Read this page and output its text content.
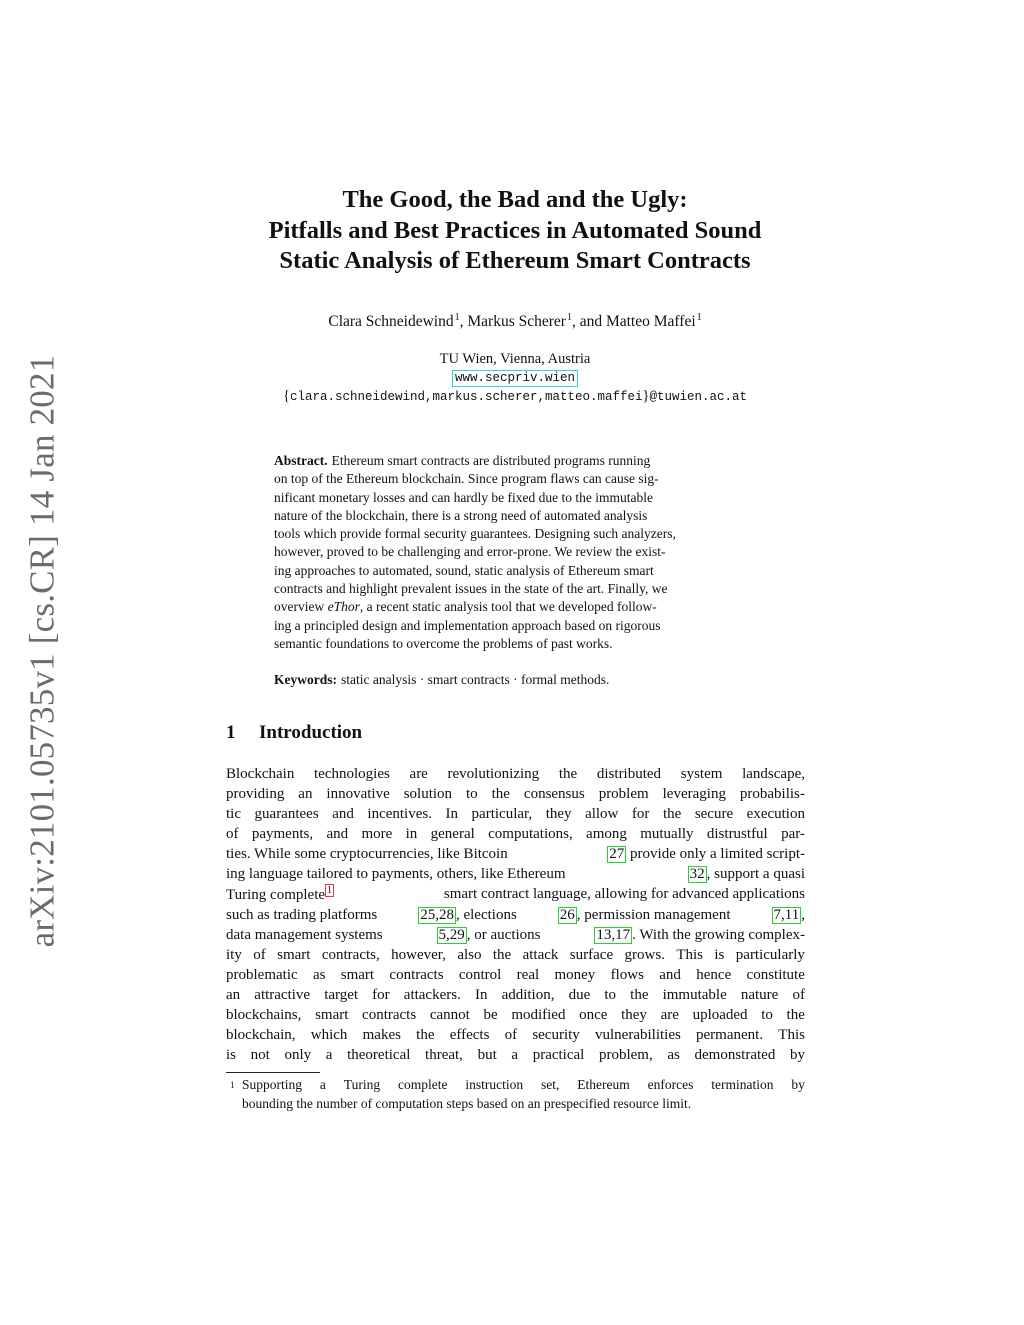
arXiv:2101.05735v1 [cs.CR] 14 Jan 2021
The Good, the Bad and the Ugly:
Pitfalls and Best Practices in Automated Sound
Static Analysis of Ethereum Smart Contracts
Clara Schneidewind$^1$, Markus Scherer$^1$, and Matteo Maffei$^1$
TU Wien, Vienna, Austria
www.secpriv.wien
{clara.schneidewind,markus.scherer,matteo.maffei}@tuwien.ac.at
Abstract. Ethereum smart contracts are distributed programs running
on top of the Ethereum blockchain. Since program flaws can cause sig-
nificant monetary losses and can hardly be fixed due to the immutable
nature of the blockchain, there is a strong need of automated analysis
tools which provide formal security guarantees. Designing such analyzers,
however, proved to be challenging and error-prone. We review the exist-
ing approaches to automated, sound, static analysis of Ethereum smart
contracts and highlight prevalent issues in the state of the art. Finally, we
overview eThor, a recent static analysis tool that we developed follow-
ing a principled design and implementation approach based on rigorous
semantic foundations to overcome the problems of past works.
Keywords: static analysis · smart contracts · formal methods.
1 Introduction
Blockchain technologies are revolutionizing the distributed system landscape,
providing an innovative solution to the consensus problem leveraging probabilis-
tic guarantees and incentives. In particular, they allow for the secure execution
of payments, and more in general computations, among mutually distrustful par-
ties. While some cryptocurrencies, like Bitcoin	27 provide only a limited script-
ing language tailored to payments, others, like Ethereum	32 , support a quasi
Turing complete 1	smart contract language, allowing for advanced applications
such as trading platforms	25,28 , elections	26 , permission management	7,11 ,
data management systems	5,29 , or auctions	13,17 . With the growing complex-
ity of smart contracts, however, also the attack surface grows. This is particularly
problematic as smart contracts control real money flows and hence constitute
an attractive target for attackers. In addition, due to the immutable nature of
blockchains, smart contracts cannot be modified once they are uploaded to the
blockchain, which makes the effects of security vulnerabilities permanent. This
is not only a theoretical threat, but a practical problem, as demonstrated by
1 Supporting a Turing complete instruction set, Ethereum enforces termination by
bounding the number of computation steps based on an prespecified resource limit.
